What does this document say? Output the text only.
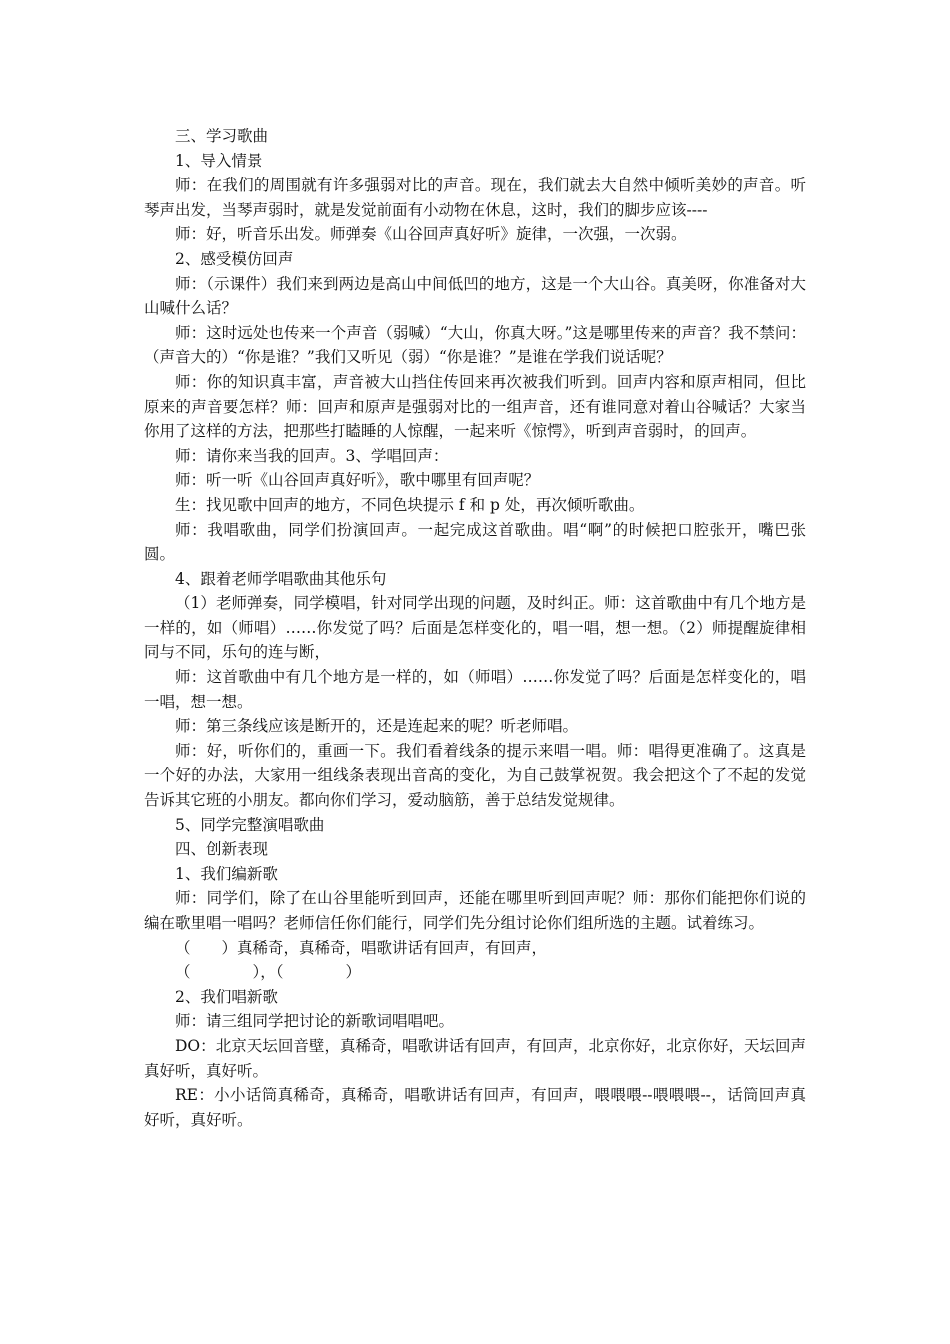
三、学习歌曲

1、导入情景

师：在我们的周围就有许多强弱对比的声音。现在，我们就去大自然中倾听美妙的声音。听琴声出发，当琴声弱时，就是发觉前面有小动物在休息，这时，我们的脚步应该----

师：好，听音乐出发。师弹奏《山谷回声真好听》旋律，一次强，一次弱。

2、感受模仿回声

师：（示课件）我们来到两边是高山中间低凹的地方，这是一个大山谷。真美呀，你准备对大山喊什么话？

师：这时远处也传来一个声音（弱喊）“大山，你真大呀。”这是哪里传来的声音？我不禁问：（声音大的）“你是谁？”我们又听见（弱）“你是谁？”是谁在学我们说话呢？

师：你的知识真丰富，声音被大山挡住传回来再次被我们听到。回声内容和原声相同，但比原来的声音要怎样？师：回声和原声是强弱对比的一组声音，还有谁同意对着山谷喊话？大家当你用了这样的方法，把那些打瞌睡的人惊醒，一起来听《惊愕》，听到声音弱时，的回声。

师：请你来当我的回声。3、学唱回声：

师：听一听《山谷回声真好听》，歌中哪里有回声呢？

生：找见歌中回声的地方，不同色块提示 f 和 p 处，再次倾听歌曲。

师：我唱歌曲，同学们扮演回声。一起完成这首歌曲。唱“啊”的时候把口腔张开，嘴巴张圆。

4、跟着老师学唱歌曲其他乐句

（1）老师弹奏，同学模唱，针对同学出现的问题，及时纠正。师：这首歌曲中有几个地方是一样的，如（师唱）……你发觉了吗？后面是怎样变化的，唱一唱，想一想。（2）师提醒旋律相同与不同，乐句的连与断，

师：这首歌曲中有几个地方是一样的，如（师唱）……你发觉了吗？后面是怎样变化的，唱一唱，想一想。

师：第三条线应该是断开的，还是连起来的呢？听老师唱。

师：好，听你们的，重画一下。我们看着线条的提示来唱一唱。师：唱得更准确了。这真是一个好的办法，大家用一组线条表现出音高的变化，为自己鼓掌祝贺。我会把这个了不起的发觉告诉其它班的小朋友。都向你们学习，爱动脑筋，善于总结发觉规律。

5、同学完整演唱歌曲

四、创新表现

1、我们编新歌

师：同学们，除了在山谷里能听到回声，还能在哪里听到回声呢？师：那你们能把你们说的编在歌里唱一唱吗？老师信任你们能行，同学们先分组讨论你们组所选的主题。试着练习。

（　　）真稀奇，真稀奇，唱歌讲话有回声，有回声，

（　　　　），（　　　　）

2、我们唱新歌

师：请三组同学把讨论的新歌词唱唱吧。

DO：北京天坛回音壁，真稀奇，唱歌讲话有回声，有回声，北京你好，北京你好，天坛回声真好听，真好听。

RE：小小话筒真稀奇，真稀奇，唱歌讲话有回声，有回声，喂喂喂--喂喂喂--，话筒回声真好听，真好听。
